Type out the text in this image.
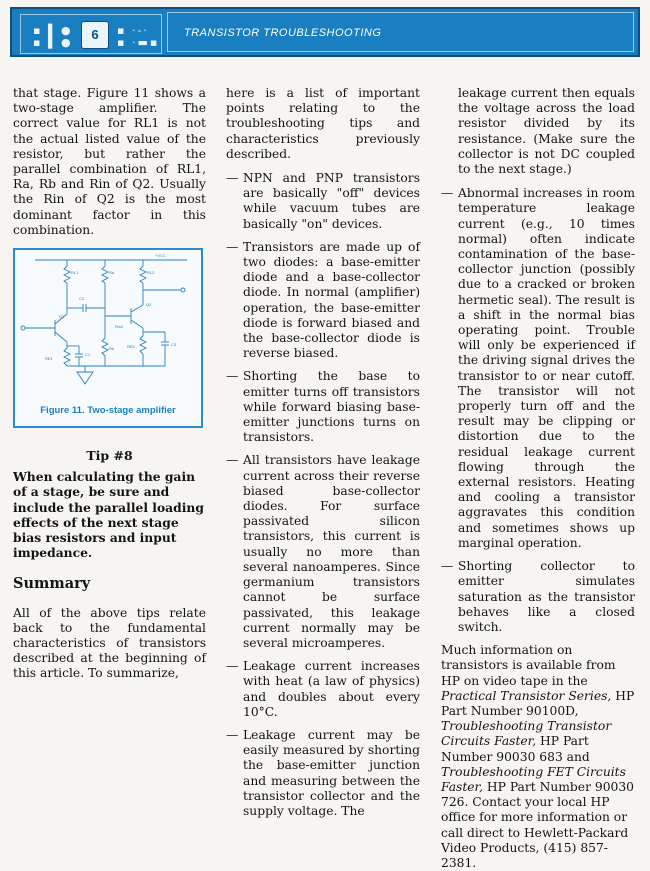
▪ ▌
▪ ▌
●
●
6	▪ ·‑·
▪ ·▬▪
TRANSISTOR TROUBLESHOOTING

that stage. Figure 11 shows a two-stage amplifier. The correct value for RL1 is not the actual listed value of the resistor, but rather the parallel combination of RL1, Ra, Rb and Rin of Q2. Usually the Rin of Q2 is the most dominant factor in this combination.

+VCC
RL1	Ra	RL2
C2
Q1
RE1
C1
Q2
Rin2
Rb	RE2	C3
Figure 11. Two-stage amplifier
Tip #8

When calculating the gain of a stage, be sure and include the parallel loading effects of the next stage bias resistors and input impedance.

Summary

All of the above tips relate back to the fundamental characteristics of transistors described at the beginning of this article. To summarize,

here is a list of important points relating to the troubleshooting tips and characteristics previously described.

— NPN and PNP transistors are basically "off" devices while vacuum tubes are basically "on" devices.
— Transistors are made up of two diodes: a base-emitter diode and a base-collector diode. In normal (amplifier) operation, the base-emitter diode is forward biased and the base-collector diode is reverse biased.
— Shorting the base to emitter turns off transistors while forward biasing base-emitter junctions turns on transistors.
— All transistors have leakage current across their reverse biased base-collector diodes. For surface passivated silicon transistors, this current is usually no more than several nanoamperes. Since germanium transistors cannot be surface passivated, this leakage current normally may be several microamperes.
— Leakage current increases with heat (a law of physics) and doubles about every 10°C.
— Leakage current may be easily measured by shorting the base-emitter junction and measuring between the transistor collector and the supply voltage. The

leakage current then equals the voltage across the load resistor divided by its resistance. (Make sure the collector is not DC coupled to the next stage.)

— Abnormal increases in room temperature leakage current (e.g., 10 times normal) often indicate contamination of the base-collector junction (possibly due to a cracked or broken hermetic seal). The result is a shift in the normal bias operating point. Trouble will only be experienced if the driving signal drives the transistor to or near cutoff. The transistor will not properly turn off and the result may be clipping or distortion due to the residual leakage current flowing through the external resistors. Heating and cooling a transistor aggravates this condition and sometimes shows up marginal operation.
— Shorting collector to emitter simulates saturation as the transistor behaves like a closed switch.

Much information on transistors is available from HP on video tape in the Practical Transistor Series, HP Part Number 90100D, Troubleshooting Transistor Circuits Faster, HP Part Number 90030 683 and Troubleshooting FET Circuits Faster, HP Part Number 90030 726. Contact your local HP office for more information or call direct to Hewlett-Packard Video Products, (415) 857-2381.
